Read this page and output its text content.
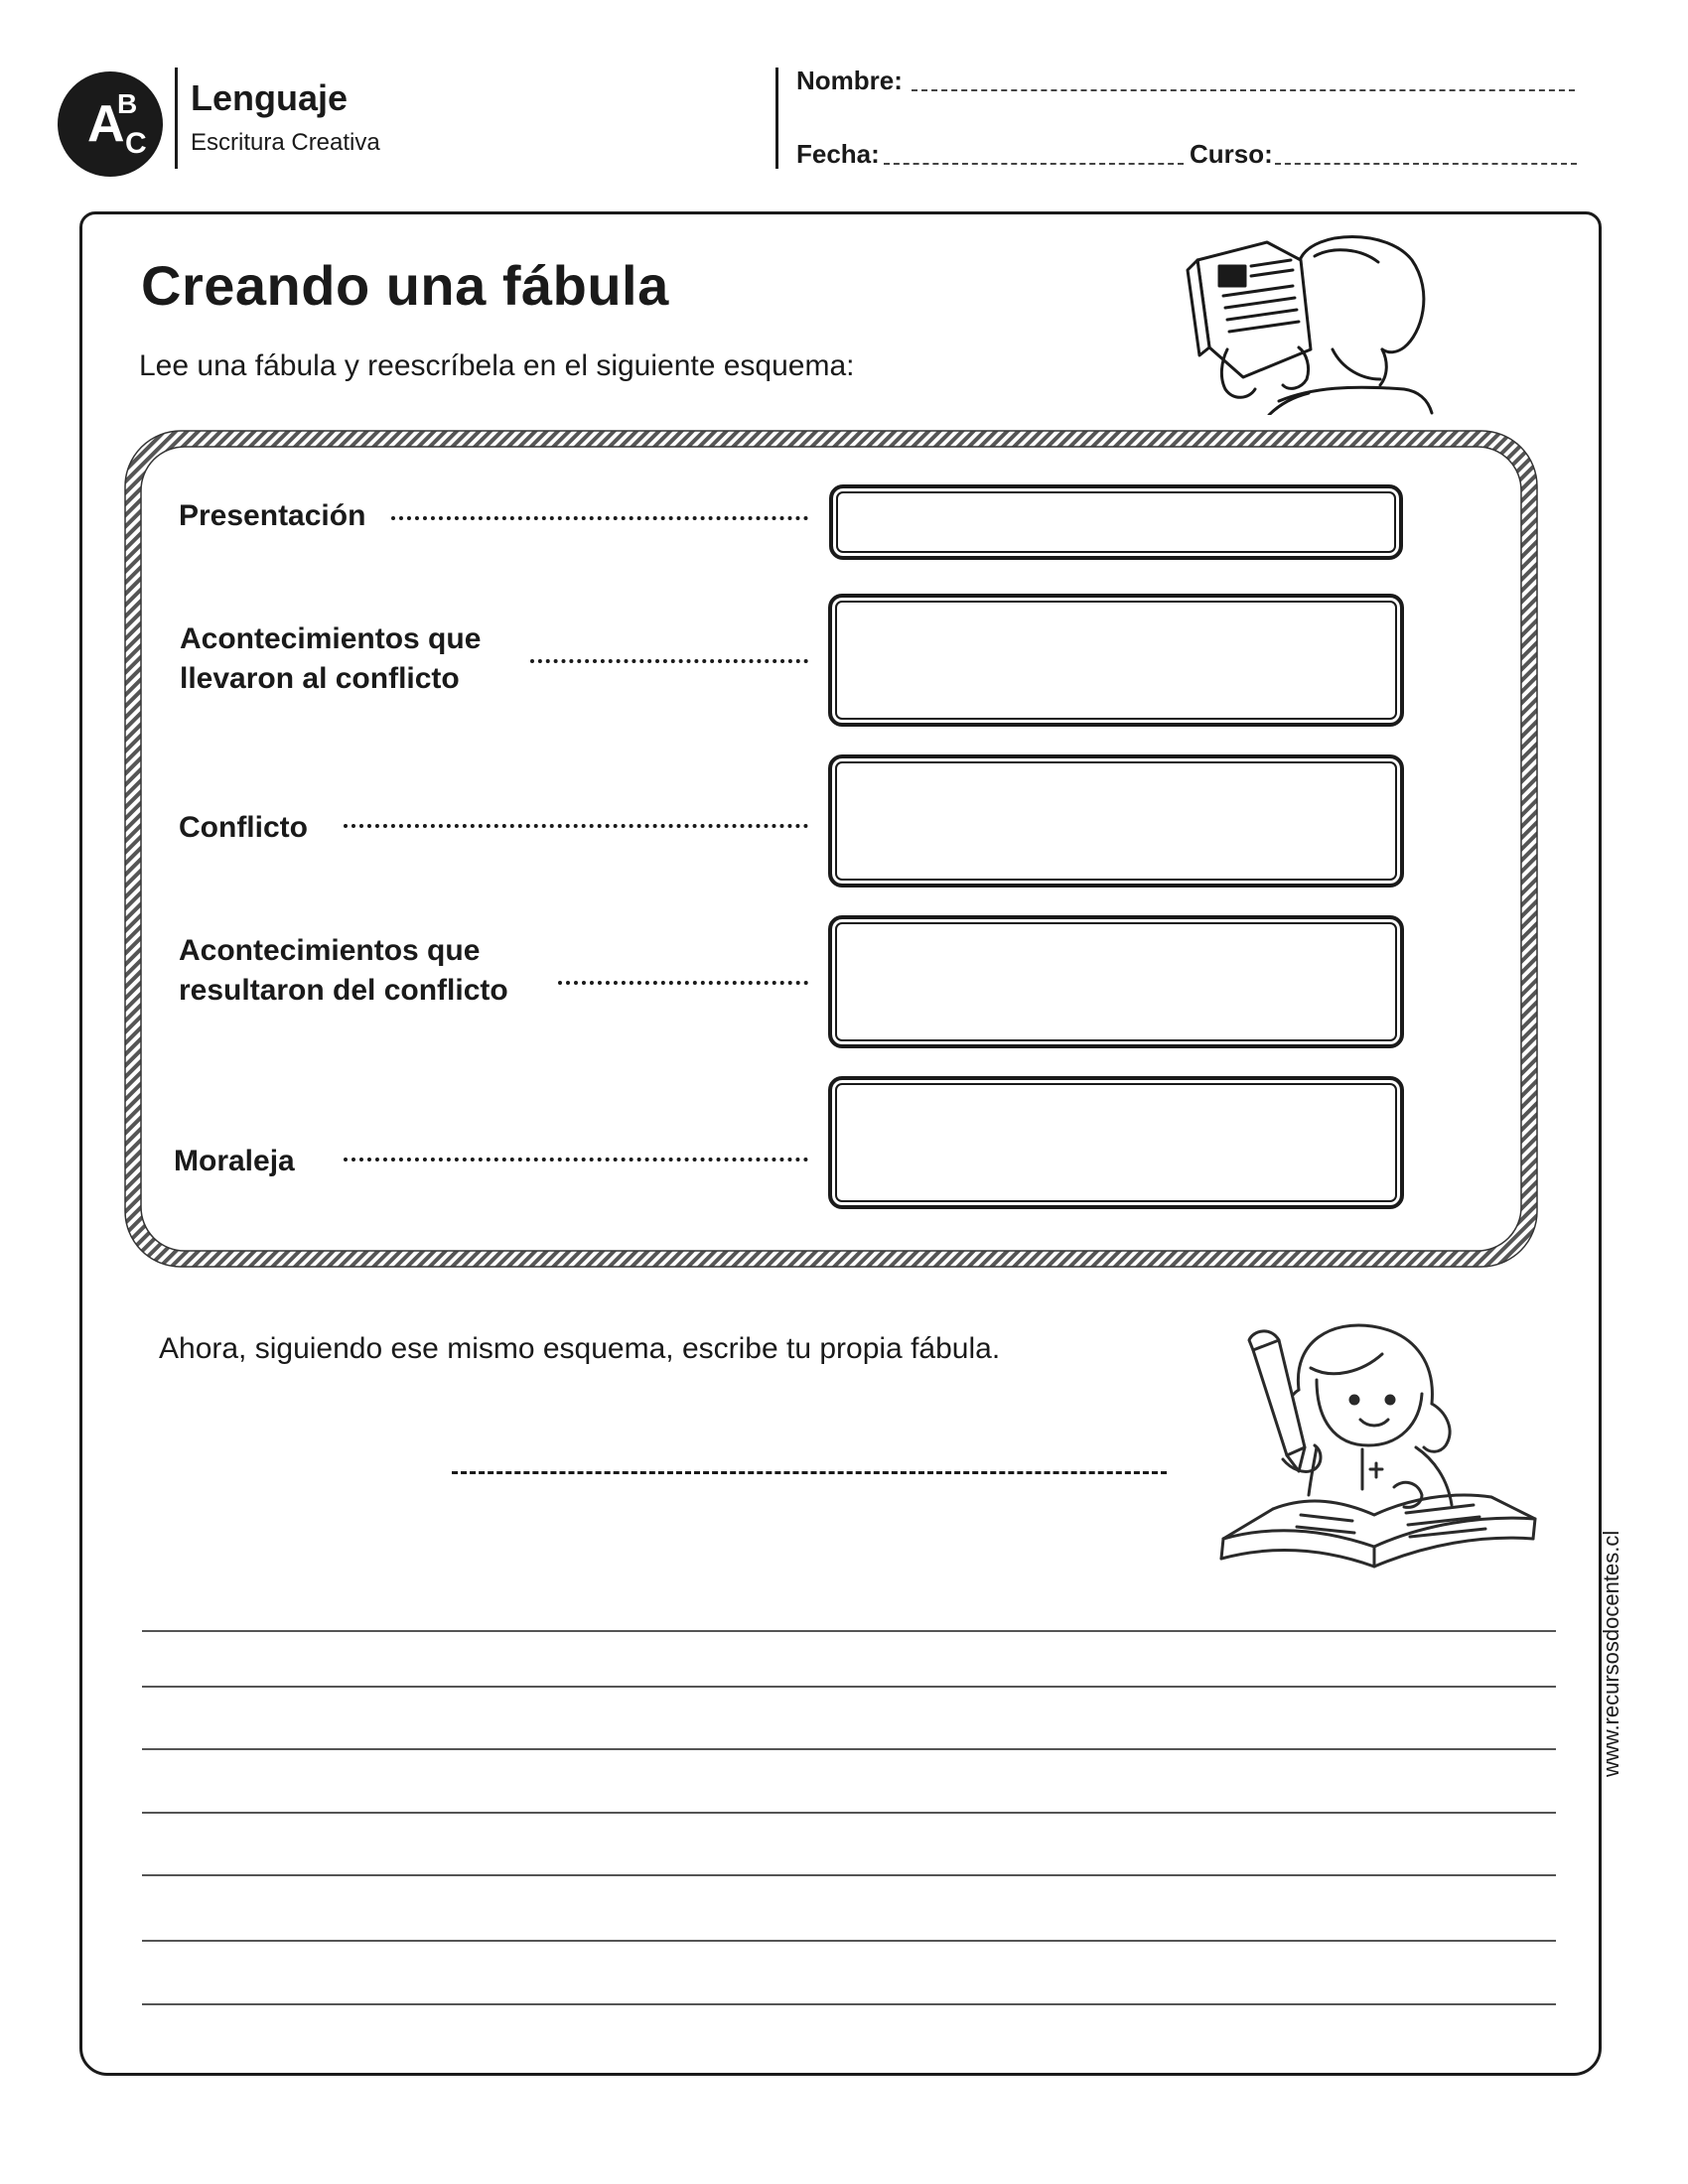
A
B
C
Lenguaje
Escritura Creativa
Nombre:
Fecha:	Curso:
Creando una fábula
Lee una fábula y reescríbela en el siguiente esquema:
Presentación
Acontecimientos que
llevaron al conflicto
Conflicto
Acontecimientos que
resultaron del conflicto
Moraleja
Ahora, siguiendo ese mismo esquema, escribe tu propia fábula.
www.recursosdocentes.cl
